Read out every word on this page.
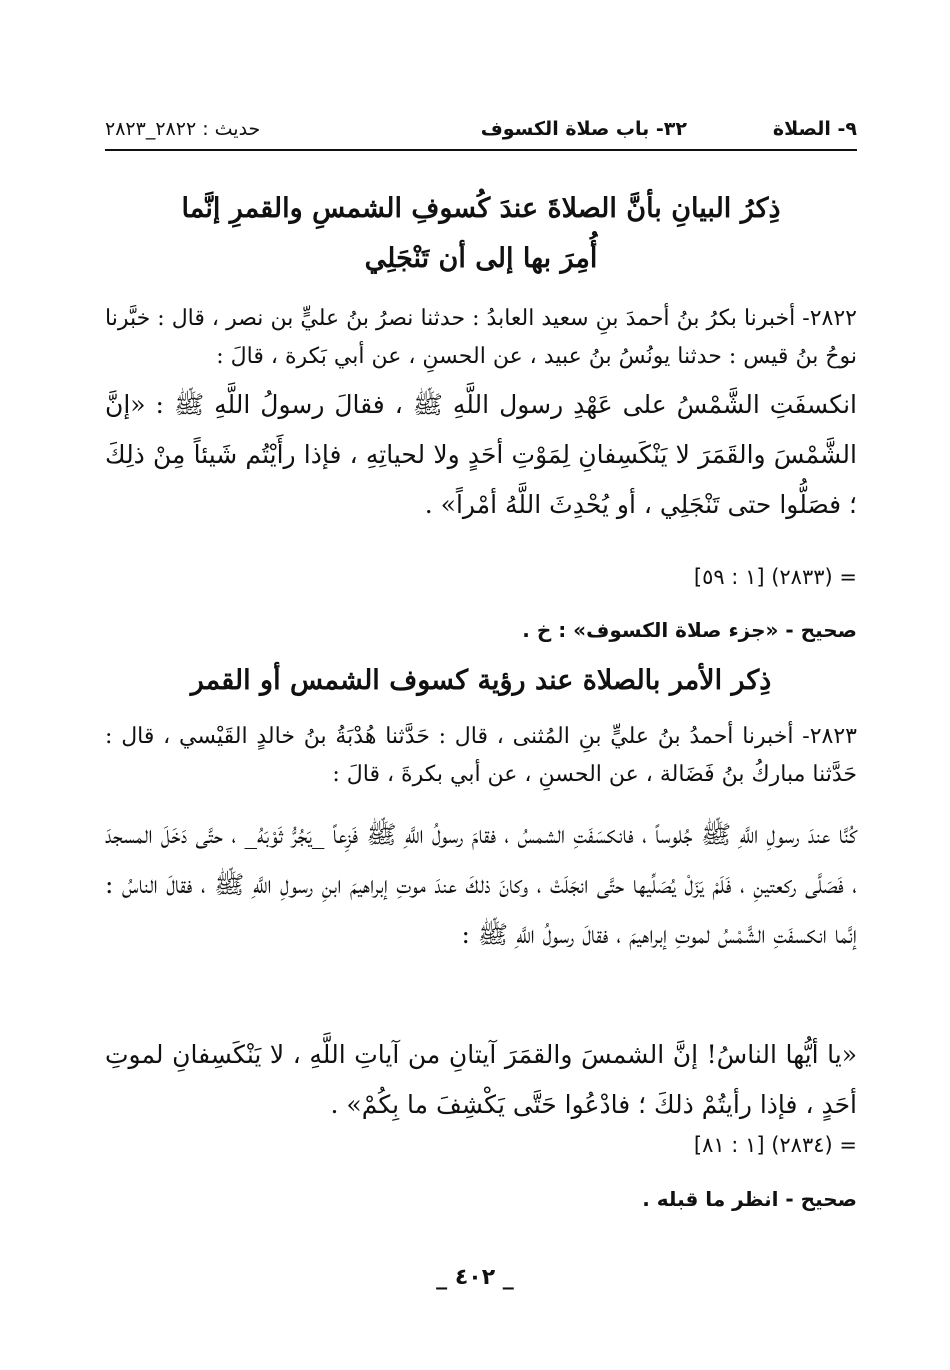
٩- الصلاة
٣٢- باب صلاة الكسوف
حديث : ٢٨٢٢_٢٨٢٣
ذِكرُ البيانِ بأنَّ الصلاةَ عندَ كُسوفِ الشمسِ والقمرِ إنَّما
أُمِرَ بها إلى أن تَنْجَلِي
٢٨٢٢- أخبرنا بكرُ بنُ أحمدَ بنِ سعيد العابدُ : حدثنا نصرُ بنُ عليٍّ بن نصر ، قال : خبَّرنا نوحُ بنُ قيس : حدثنا يونُسُ بنُ عبيد ، عن الحسنِ ، عن أبي بَكرة ، قالَ :
انكسفَتِ الشَّمْسُ على عَهْدِ رسول اللَّهِ ﷺ ، فقالَ رسولُ اللَّهِ ﷺ : «إنَّ الشَّمْسَ والقَمَرَ لا يَنْكَسِفانِ لِمَوْتِ أحَدٍ ولا لحياتِهِ ، فإذا رأَيْتُم شَيئاً مِنْ ذلِكَ ؛ فصَلُّوا حتى تَنْجَلِي ، أو يُحْدِثَ اللَّهُ أمْراً» .
= (٢٨٣٣) [١ : ٥٩]
صحيح - «جزء صلاة الكسوف» : خ .
ذِكر الأمر بالصلاة عند رؤية كسوف الشمس أو القمر
٢٨٢٣- أخبرنا أحمدُ بنُ عليٍّ بنِ المُثنى ، قال : حَدَّثنا هُدْبَةُ بنُ خالدٍ القَيْسي ، قال : حَدَّثنا مباركُ بنُ فَضَالة ، عن الحسنِ ، عن أبي بكرةَ ، قالَ :
كُنَّا عندَ رسولِ اللَّهِ ﷺ جُلوساً ، فانكسَفَتِ الشمسُ ، فقامَ رسولُ اللَّهِ ﷺ فَزِعاً _يَجُرُّ ثَوْبَهُ_ ، حتَّى دَخَلَ المسجدَ ، فَصَلَّى ركعتينِ ، فَلَمْ يَزَلْ يُصَلِّيها حتَّى انجَلَتْ ، وكانَ ذلكَ عندَ موتِ إبراهيمَ ابنِ رسولِ اللَّهِ ﷺ ، فقالَ الناسُ : إنَّما انكسفَتِ الشَّمْسُ لموتِ إبراهيمَ ، فقالَ رسولُ اللَّهِ ﷺ :
«يا أيُّها الناسُ! إنَّ الشمسَ والقمَرَ آيتانِ من آياتِ اللَّهِ ، لا يَنْكَسِفانِ لموتِ أحَدٍ ، فإذا رأيتُمْ ذلكَ ؛ فادْعُوا حَتَّى يَكْشِفَ ما بِكُمْ» .
= (٢٨٣٤) [١ : ٨١]
صحيح - انظر ما قبله .
_ ٤٠٢ _
